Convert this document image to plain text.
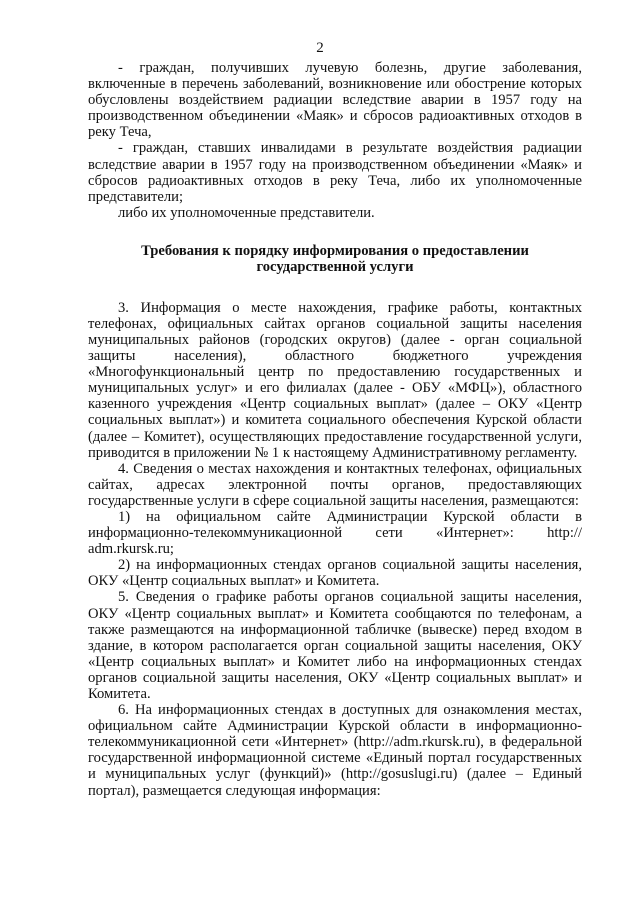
2

- граждан, получивших лучевую болезнь, другие заболевания, включенные в перечень заболеваний, возникновение или обострение которых обусловлены воздействием радиации вследствие аварии в 1957 году на производственном объединении «Маяк» и сбросов радиоактивных отходов в реку Теча,

- граждан, ставших инвалидами в результате воздействия радиации вследствие аварии в 1957 году на производственном объединении «Маяк» и сбросов радиоактивных отходов в реку Теча, либо их уполномоченные представители;

либо их уполномоченные представители.

Требования к порядку информирования о предоставлении
государственной услуги

3. Информация о месте нахождения, графике работы, контактных телефонах, официальных сайтах органов социальной защиты населения муниципальных районов (городских округов) (далее - орган социальной защиты населения), областного бюджетного учреждения «Многофункциональный центр по предоставлению государственных и муниципальных услуг» и его филиалах (далее - ОБУ «МФЦ»), областного казенного учреждения «Центр социальных выплат» (далее – ОКУ «Центр социальных выплат») и комитета социального обеспечения Курской области (далее – Комитет), осуществляющих предоставление государственной услуги, приводится в приложении № 1 к настоящему Административному регламенту.

4. Сведения о местах нахождения и контактных телефонах, официальных сайтах, адресах электронной почты органов, предоставляющих государственные услуги в сфере социальной защиты населения, размещаются:

1) на официальном сайте Администрации Курской области в информационно-телекоммуникационной сети «Интернет»: http:// adm.rkursk.ru;

2) на информационных стендах органов социальной защиты населения, ОКУ «Центр социальных выплат» и Комитета.

5. Сведения о графике работы органов социальной защиты населения, ОКУ «Центр социальных выплат» и Комитета сообщаются по телефонам, а также размещаются на информационной табличке (вывеске) перед входом в здание, в котором располагается орган социальной защиты населения, ОКУ «Центр социальных выплат» и Комитет либо на информационных стендах органов социальной защиты населения, ОКУ «Центр социальных выплат» и Комитета.

6. На информационных стендах в доступных для ознакомления местах, официальном сайте Администрации Курской области в информационно-телекоммуникационной сети «Интернет» (http://adm.rkursk.ru), в федеральной государственной информационной системе «Единый портал государственных и муниципальных услуг (функций)» (http://gosuslugi.ru) (далее – Единый портал), размещается следующая информация:
